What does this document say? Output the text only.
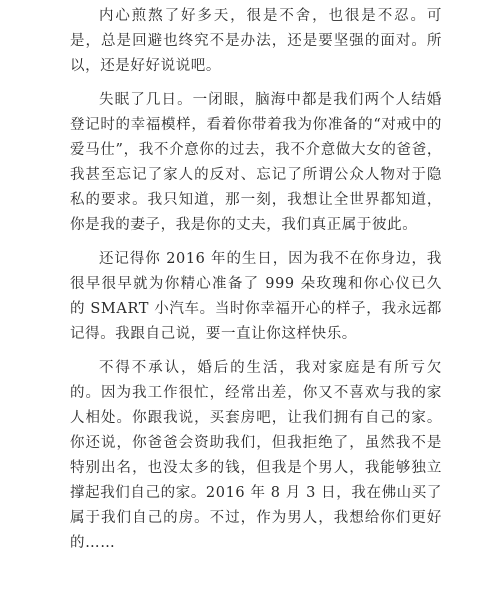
内心煎熬了好多天，很是不舍，也很是不忍。可是，总是回避也终究不是办法，还是要坚强的面对。所以，还是好好说说吧。

失眠了几日。一闭眼，脑海中都是我们两个人结婚登记时的幸福模样，看着你带着我为你准备的“对戒中的爱马仕”，我不介意你的过去，我不介意做大女的爸爸，我甚至忘记了家人的反对、忘记了所谓公众人物对于隐私的要求。我只知道，那一刻，我想让全世界都知道，你是我的妻子，我是你的丈夫，我们真正属于彼此。

还记得你 2016 年的生日，因为我不在你身边，我很早很早就为你精心准备了 999 朵玫瑰和你心仪已久的 SMART 小汽车。当时你幸福开心的样子，我永远都记得。我跟自己说，要一直让你这样快乐。

不得不承认，婚后的生活，我对家庭是有所亏欠的。因为我工作很忙，经常出差，你又不喜欢与我的家人相处。你跟我说，买套房吧，让我们拥有自己的家。你还说，你爸爸会资助我们，但我拒绝了，虽然我不是特别出名，也没太多的钱，但我是个男人，我能够独立撑起我们自己的家。2016 年 8 月 3 日，我在佛山买了属于我们自己的房。不过，作为男人，我想给你们更好的……
